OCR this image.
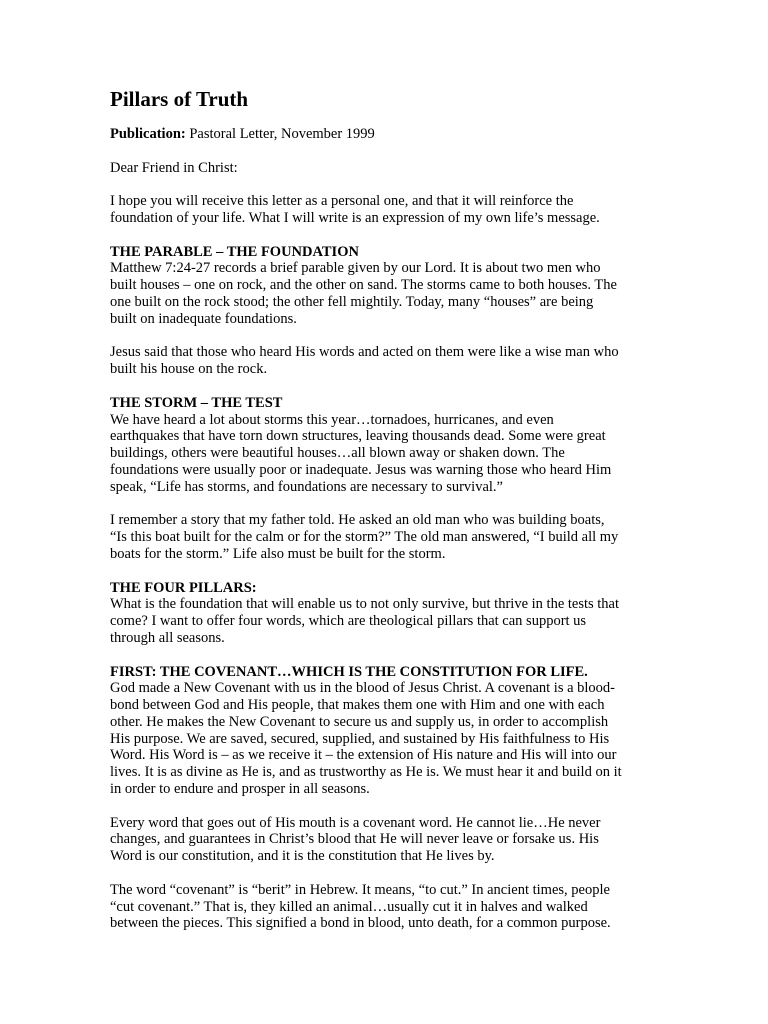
Pillars of Truth
Publication: Pastoral Letter, November 1999
Dear Friend in Christ:
I hope you will receive this letter as a personal one, and that it will reinforce the
foundation of your life. What I will write is an expression of my own life’s message.
THE PARABLE – THE FOUNDATION
Matthew 7:24-27 records a brief parable given by our Lord. It is about two men who
built houses – one on rock, and the other on sand. The storms came to both houses. The
one built on the rock stood; the other fell mightily. Today, many “houses” are being
built on inadequate foundations.
Jesus said that those who heard His words and acted on them were like a wise man who
built his house on the rock.
THE STORM – THE TEST
We have heard a lot about storms this year…tornadoes, hurricanes, and even
earthquakes that have torn down structures, leaving thousands dead. Some were great
buildings, others were beautiful houses…all blown away or shaken down. The
foundations were usually poor or inadequate. Jesus was warning those who heard Him
speak, “Life has storms, and foundations are necessary to survival.”
I remember a story that my father told. He asked an old man who was building boats,
“Is this boat built for the calm or for the storm?” The old man answered, “I build all my
boats for the storm.” Life also must be built for the storm.
THE FOUR PILLARS:
What is the foundation that will enable us to not only survive, but thrive in the tests that
come? I want to offer four words, which are theological pillars that can support us
through all seasons.
FIRST: THE COVENANT…WHICH IS THE CONSTITUTION FOR LIFE.
God made a New Covenant with us in the blood of Jesus Christ. A covenant is a blood-
bond between God and His people, that makes them one with Him and one with each
other. He makes the New Covenant to secure us and supply us, in order to accomplish
His purpose. We are saved, secured, supplied, and sustained by His faithfulness to His
Word. His Word is – as we receive it – the extension of His nature and His will into our
lives. It is as divine as He is, and as trustworthy as He is. We must hear it and build on it
in order to endure and prosper in all seasons.
Every word that goes out of His mouth is a covenant word. He cannot lie…He never
changes, and guarantees in Christ’s blood that He will never leave or forsake us. His
Word is our constitution, and it is the constitution that He lives by.
The word “covenant” is “berit” in Hebrew. It means, “to cut.” In ancient times, people
“cut covenant.” That is, they killed an animal…usually cut it in halves and walked
between the pieces. This signified a bond in blood, unto death, for a common purpose.
